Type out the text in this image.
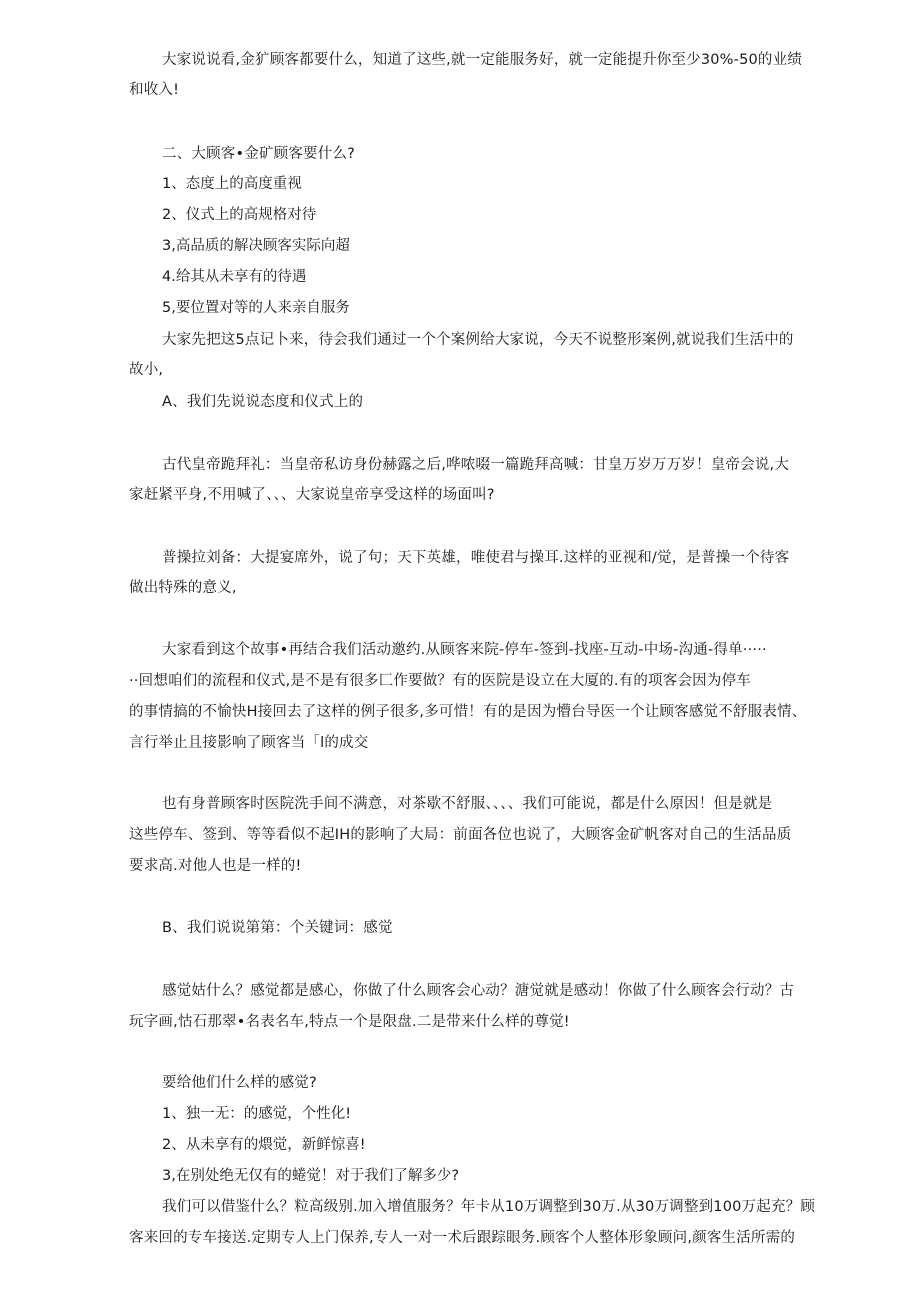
大家说说看,金犷顾客都要什么，知道了这些,就一定能服务好，就一定能提升你至少30%-50的业绩
和收入!
二、大顾客•金矿顾客要什么?
1、态度上的高度重视
2、仪式上的高规格对待
3,高品质的解决顾客实际向超
4.给其从未享有的待遇
5,要位置对等的人来亲自服务
大家先把这5点记卜来，待会我们通过一个个案例给大家说，今天不说整形案例,就说我们生活中的
故小,
A、我们先说说态度和仪式上的
古代皇帝跪拜礼：当皇帝私访身份赫露之后,哗哝啜一篇跪拜高喊：甘皇万岁万万岁！皇帝会说,大
家赶紧平身,不用喊了、、、大家说皇帝享受这样的场面叫?
普操拉刘备：大提宴席外，说了句；天下英雄，唯使君与操耳.这样的亚视和/觉，是普操一个待客
做出特殊的意义,
大家看到这个故事•再结合我们活动邀约.从顾客来院-停车-签到-找座-互动-中场-沟通-得单·····
··回想咱们的流程和仪式,是不是有很多匚作要做？有的医院是设立在大厦的.有的项客会因为停车
的事情搞的不愉快H接回去了这样的例子很多,多可惜！有的是因为懵台导医一个让顾客感觉不舒服表情、
言行举止且接影响了顾客当「l的成交
也有身普顾客时医院洗手间不满意，对茶歇不舒服、、、、我们可能说，都是什么原因！但是就是
这些停车、签到、等等看似不起IH的影响了大局：前面各位也说了，大顾客金矿帆客对自己的生活品质
要求高.对他人也是一样的!
B、我们说说第第：个关键词：感觉
感觉姑什么？感觉都是感心，你做了什么顾客会心动？溏觉就是感动！你做了什么顾客会行动？古
玩字画,怙石那翠•名表名车,特点一个是限盘.二是带来什么样的尊觉!
要给他们什么样的感觉?
1、独一无：的感觉，个性化!
2、从未享有的煨觉，新鲜惊喜!
3,在别处绝无仅有的蜷觉！对于我们了解多少?
我们可以借鉴什么？粒高级别.加入增值服务？年卡从10万调整到30万.从30万调整到100万起充？顾
客来回的专车接送.定期专人上门保养,专人一对一术后跟踪眼务.顾客个人整体形象顾问,颜客生活所需的
